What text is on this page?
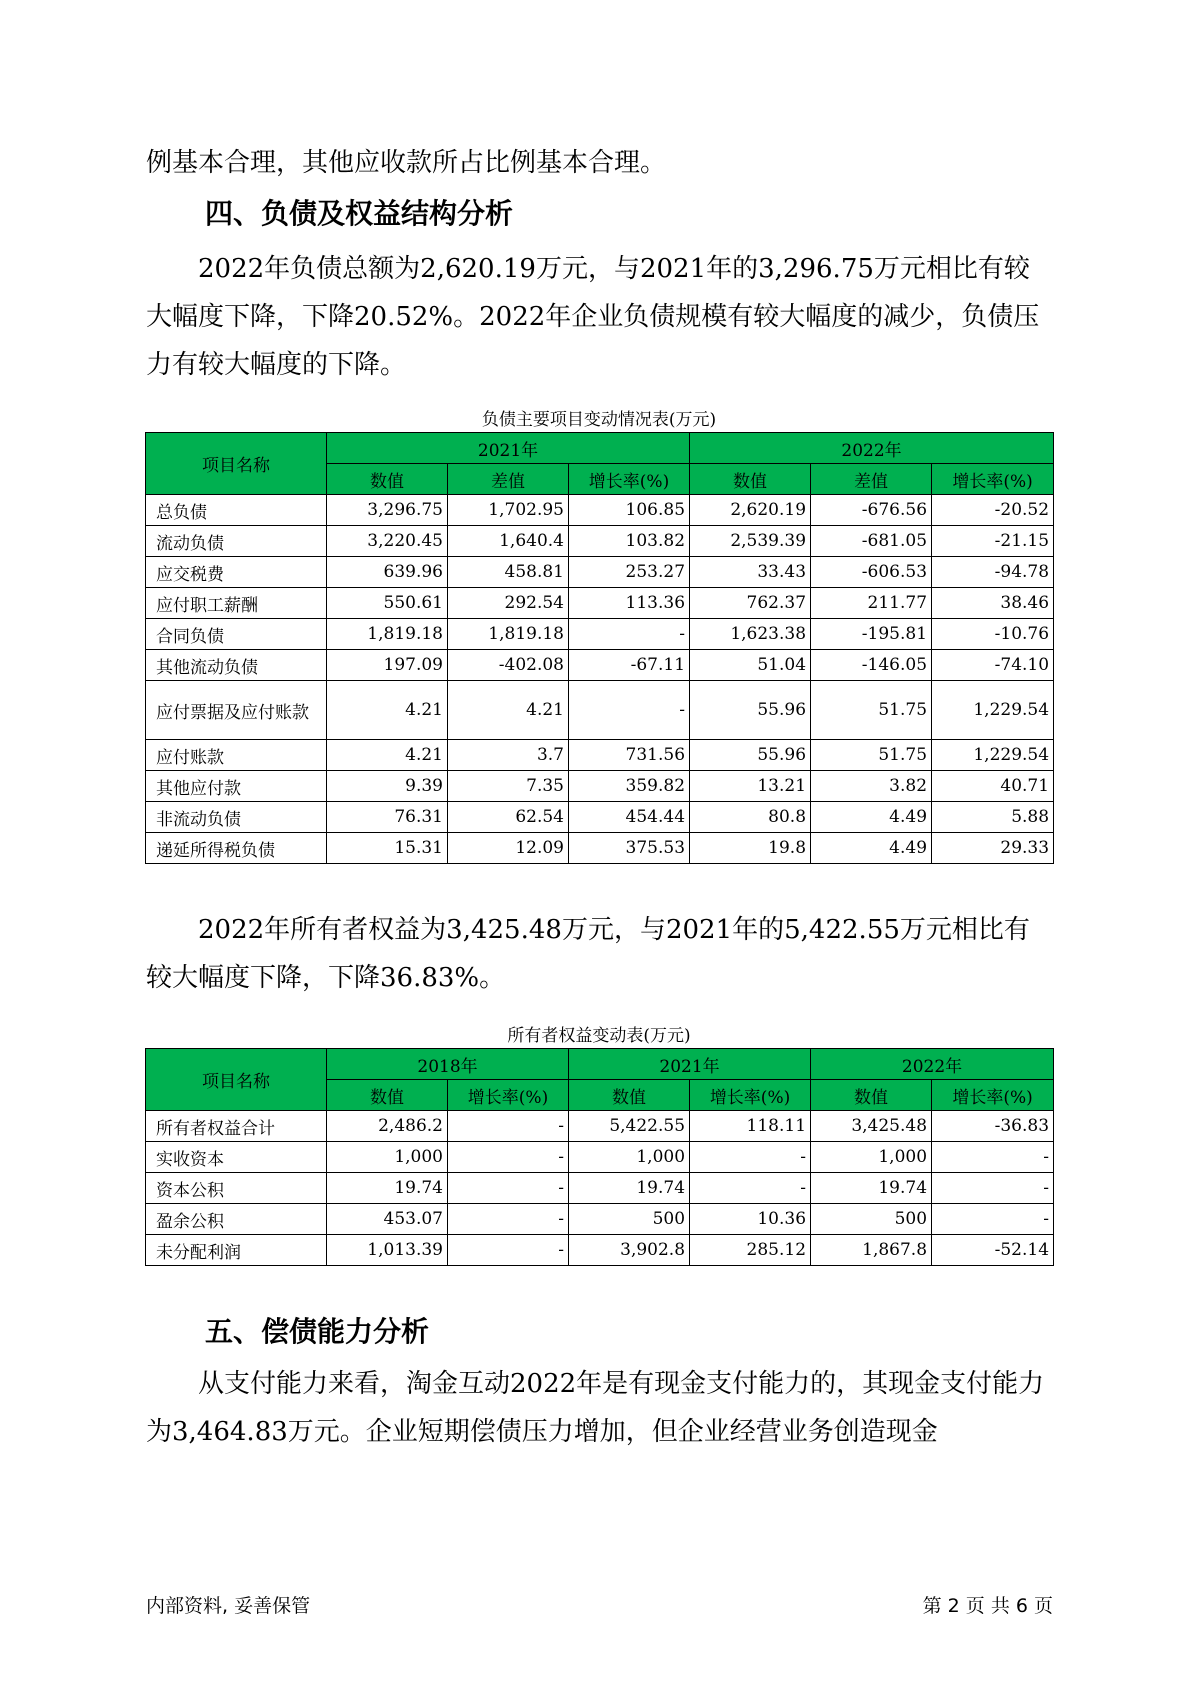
例基本合理，其他应收款所占比例基本合理。

四、负债及权益结构分析

2022年负债总额为2,620.19万元，与2021年的3,296.75万元相比有较大幅度下降，下降20.52%。2022年企业负债规模有较大幅度的减少，负债压力有较大幅度的下降。

负债主要项目变动情况表(万元)
项目名称	2021年			2022年		
	数值	差值	增长率(%)	数值	差值	增长率(%)
总负债	3,296.75	1,702.95	106.85	2,620.19	-676.56	-20.52
流动负债	3,220.45	1,640.4	103.82	2,539.39	-681.05	-21.15
应交税费	639.96	458.81	253.27	33.43	-606.53	-94.78
应付职工薪酬	550.61	292.54	113.36	762.37	211.77	38.46
合同负债	1,819.18	1,819.18	-	1,623.38	-195.81	-10.76
其他流动负债	197.09	-402.08	-67.11	51.04	-146.05	-74.10
应付票据及应付账款	4.21	4.21	-	55.96	51.75	1,229.54
应付账款	4.21	3.7	731.56	55.96	51.75	1,229.54
其他应付款	9.39	7.35	359.82	13.21	3.82	40.71
非流动负债	76.31	62.54	454.44	80.8	4.49	5.88
递延所得税负债	15.31	12.09	375.53	19.8	4.49	29.33

2022年所有者权益为3,425.48万元，与2021年的5,422.55万元相比有较大幅度下降，下降36.83%。

所有者权益变动表(万元)
项目名称	2018年		2021年		2022年	
	数值	增长率(%)	数值	增长率(%)	数值	增长率(%)
所有者权益合计	2,486.2	-	5,422.55	118.11	3,425.48	-36.83
实收资本	1,000	-	1,000	-	1,000	-
资本公积	19.74	-	19.74	-	19.74	-
盈余公积	453.07	-	500	10.36	500	-
未分配利润	1,013.39	-	3,902.8	285.12	1,867.8	-52.14
五、偿债能力分析

从支付能力来看，淘金互动2022年是有现金支付能力的，其现金支付能力为3,464.83万元。企业短期偿债压力增加，但企业经营业务创造现金

内部资料, 妥善保管	第 2 页 共 6 页
